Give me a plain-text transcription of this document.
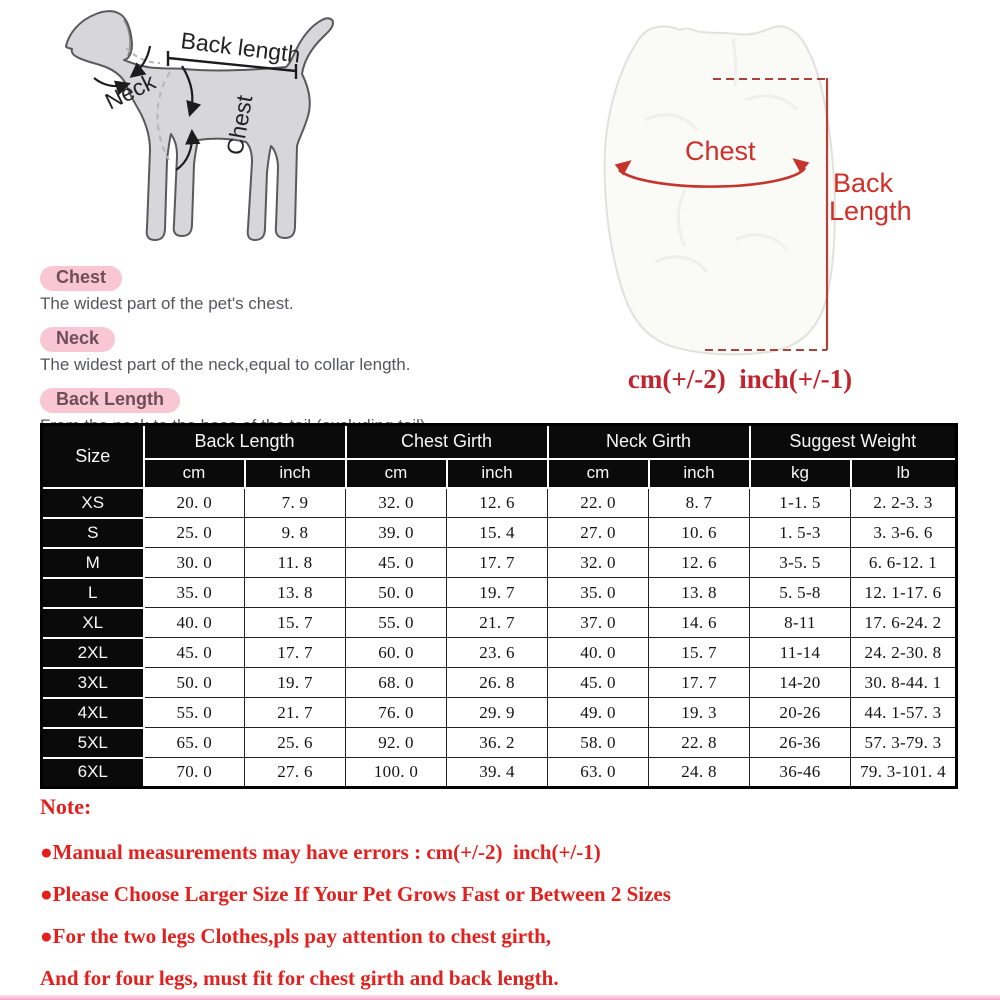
Back length
Neck
Chest	Chest
Back
Length
cm(+/-2)  inch(+/-1)
Chest
The widest part of the pet's chest.
Neck
The widest part of the neck,equal to collar length.
Back Length
Size	Back Length		Chest Girth		Neck Girth		Suggest Weight	
	cm	inch	cm	inch	cm	inch	kg	lb
XS	20. 0	7. 9	32. 0	12. 6	22. 0	8. 7	1-1. 5	2. 2-3. 3
S	25. 0	9. 8	39. 0	15. 4	27. 0	10. 6	1. 5-3	3. 3-6. 6
M	30. 0	11. 8	45. 0	17. 7	32. 0	12. 6	3-5. 5	6. 6-12. 1
L	35. 0	13. 8	50. 0	19. 7	35. 0	13. 8	5. 5-8	12. 1-17. 6
XL	40. 0	15. 7	55. 0	21. 7	37. 0	14. 6	8-11	17. 6-24. 2
2XL	45. 0	17. 7	60. 0	23. 6	40. 0	15. 7	11-14	24. 2-30. 8
3XL	50. 0	19. 7	68. 0	26. 8	45. 0	17. 7	14-20	30. 8-44. 1
4XL	55. 0	21. 7	76. 0	29. 9	49. 0	19. 3	20-26	44. 1-57. 3
5XL	65. 0	25. 6	92. 0	36. 2	58. 0	22. 8	26-36	57. 3-79. 3
6XL	70. 0	27. 6	100. 0	39. 4	63. 0	24. 8	36-46	79. 3-101. 4
Note:
●Manual measurements may have errors : cm(+/-2)  inch(+/-1)
●Please Choose Larger Size If Your Pet Grows Fast or Between 2 Sizes
●For the two legs Clothes,pls pay attention to chest girth,
And for four legs, must fit for chest girth and back length.
